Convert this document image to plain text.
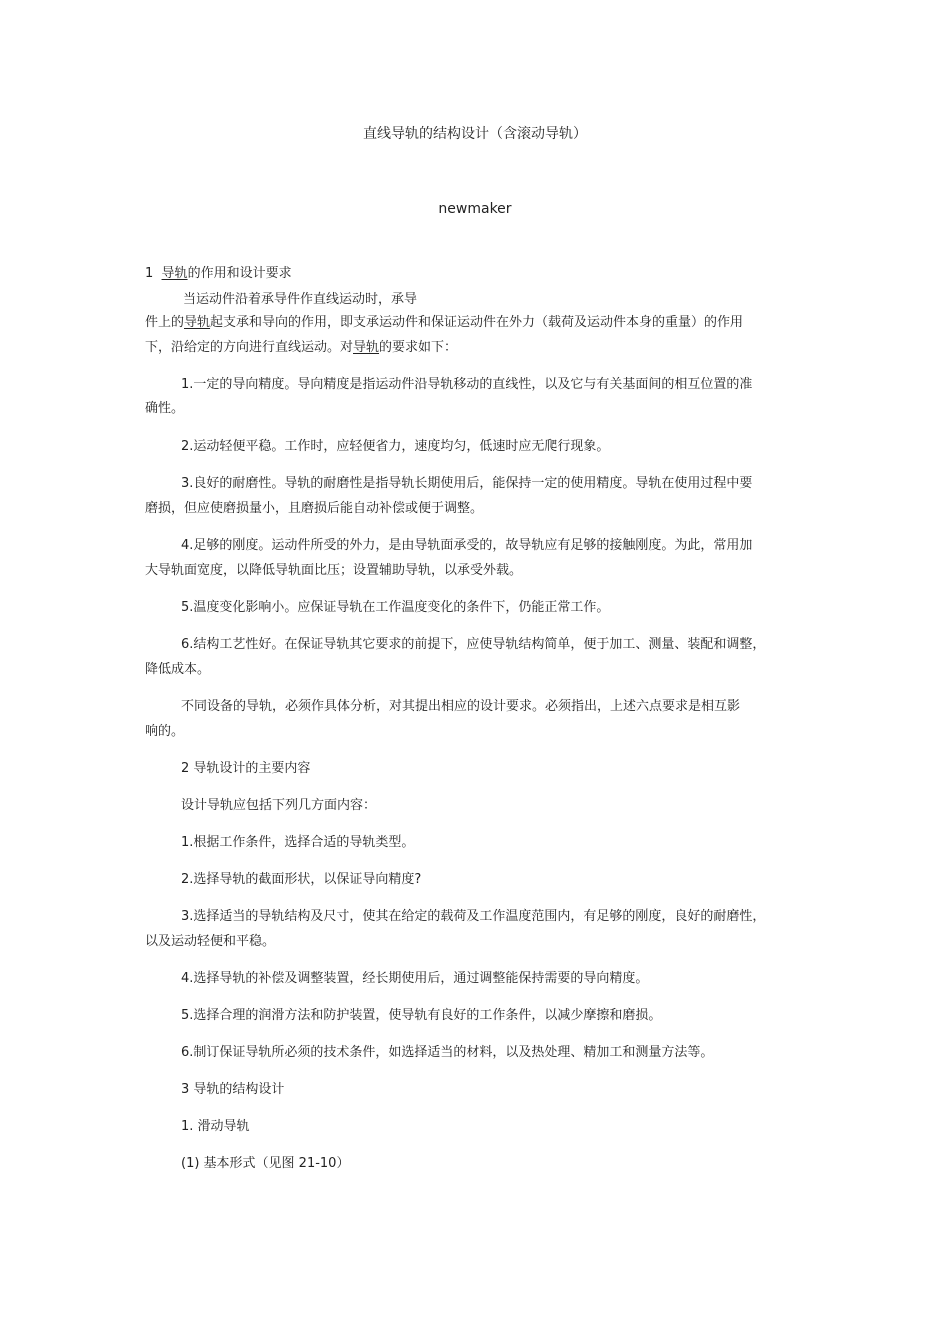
直线导轨的结构设计（含滚动导轨）
newmaker
1 导轨的作用和设计要求
当运动件沿着承导件作直线运动时，承导
件上的导轨起支承和导向的作用，即支承运动件和保证运动件在外力（载荷及运动件本身的重量）的作用
下，沿给定的方向进行直线运动。对导轨的要求如下：
1.一定的导向精度。导向精度是指运动件沿导轨移动的直线性，以及它与有关基面间的相互位置的准
确性。
2.运动轻便平稳。工作时，应轻便省力，速度均匀，低速时应无爬行现象。
3.良好的耐磨性。导轨的耐磨性是指导轨长期使用后，能保持一定的使用精度。导轨在使用过程中要
磨损，但应使磨损量小，且磨损后能自动补偿或便于调整。
4.足够的刚度。运动件所受的外力，是由导轨面承受的，故导轨应有足够的接触刚度。为此，常用加
大导轨面宽度，以降低导轨面比压；设置辅助导轨，以承受外载。
5.温度变化影响小。应保证导轨在工作温度变化的条件下，仍能正常工作。
6.结构工艺性好。在保证导轨其它要求的前提下，应使导轨结构简单，便于加工、测量、装配和调整，
降低成本。
不同设备的导轨，必须作具体分析，对其提出相应的设计要求。必须指出，上述六点要求是相互影
响的。
2 导轨设计的主要内容
设计导轨应包括下列几方面内容：
1.根据工作条件，选择合适的导轨类型。
2.选择导轨的截面形状，以保证导向精度?
3.选择适当的导轨结构及尺寸，使其在给定的载荷及工作温度范围内，有足够的刚度，良好的耐磨性，
以及运动轻便和平稳。
4.选择导轨的补偿及调整装置，经长期使用后，通过调整能保持需要的导向精度。
5.选择合理的润滑方法和防护装置，使导轨有良好的工作条件，以减少摩擦和磨损。
6.制订保证导轨所必须的技术条件，如选择适当的材料，以及热处理、精加工和测量方法等。
3 导轨的结构设计
1. 滑动导轨
(1) 基本形式（见图 21-10）
